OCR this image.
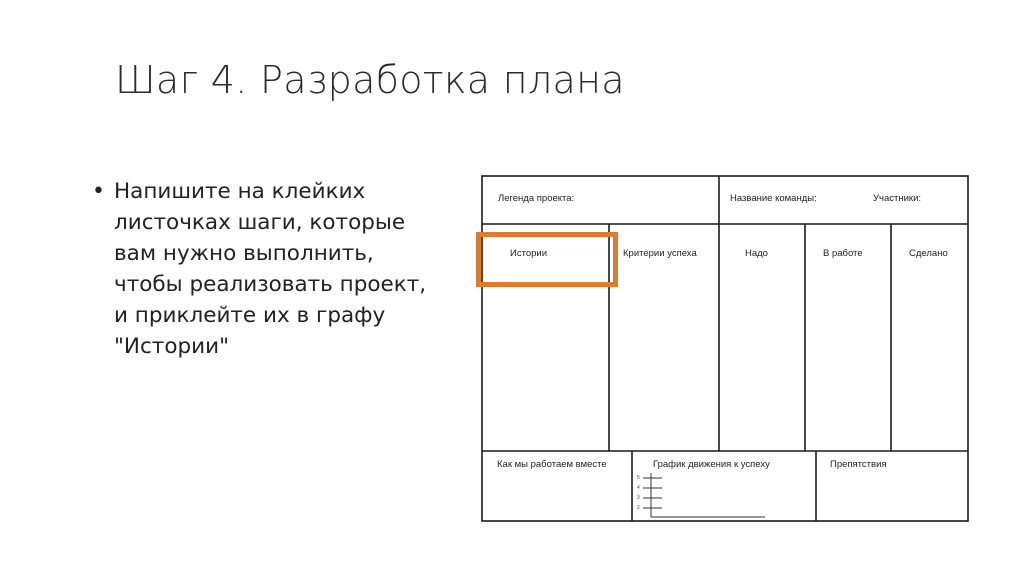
Шаг 4. Разработка плана
• Напишите на клейких
листочках шаги, которые
вам нужно выполнить,
чтобы реализовать проект,
и приклейте их в графу
"Истории"
Легенда проекта:	Название команды:	Участники:
Истории	Критерии успеха	Надо	В работе	Сделано
Как мы работаем вместе	График движения к успеху	Препятствия
5
4
3
2
